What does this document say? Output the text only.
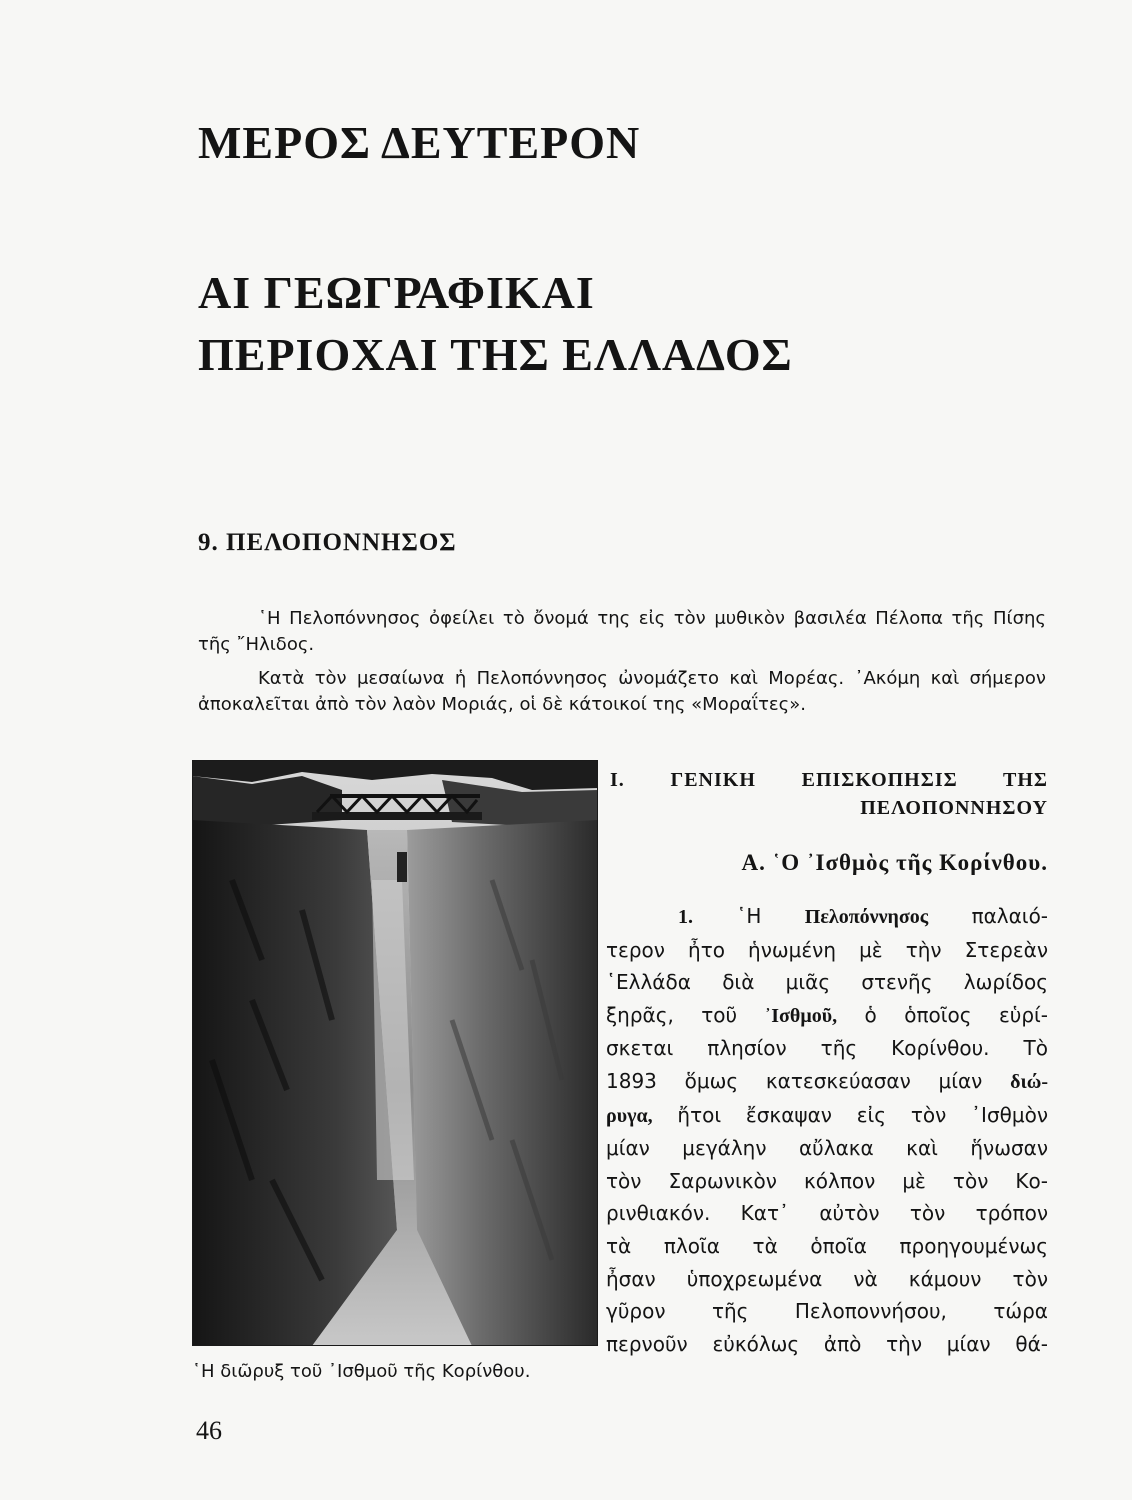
ΜΕΡΟΣ ΔΕΥΤΕΡΟΝ
ΑΙ ΓΕΩΓΡΑΦΙΚΑΙ
ΠΕΡΙΟΧΑΙ ΤΗΣ ΕΛΛΑΔΟΣ
9. ΠΕΛΟΠΟΝΝΗΣΟΣ

῾Η Πελοπόννησος ὀφείλει τὸ ὄνομά της εἰς τὸν μυθικὸν βασιλέα Πέλοπα τῆς Πίσης τῆς ῎Ηλιδος.

Κατὰ τὸν μεσαίωνα ἡ Πελοπόννησος ὠνομάζετο καὶ Μορέας. ᾿Ακόμη καὶ σήμερον ἀποκαλεῖται ἀπὸ τὸν λαὸν Μοριάς, οἱ δὲ κάτοικοί της «Μοραΐτες».

῾Η διῶρυξ τοῦ ᾿Ισθμοῦ τῆς Κορίνθου.

Ι. ΓΕΝΙΚΗ ΕΠΙΣΚΟΠΗΣΙΣ ΤΗΣ
ΠΕΛΟΠΟΝΝΗΣΟΥ
Α. ῾Ο ᾿Ισθμὸς τῆς Κορίνθου.
1. ῾Η Πελοπόννησος παλαιό-
τερον ἦτο ἡνωμένη μὲ τὴν Στερεὰν
῾Ελλάδα διὰ μιᾶς στενῆς λωρίδος
ξηρᾶς, τοῦ ᾿Ισθμοῦ, ὁ ὁποῖος εὑρί-
σκεται πλησίον τῆς Κορίνθου. Τὸ
1893 ὅμως κατεσκεύασαν μίαν διώ-
ρυγα, ἤτοι ἔσκαψαν εἰς τὸν ᾿Ισθμὸν
μίαν μεγάλην αὔλακα καὶ ἥνωσαν
τὸν Σαρωνικὸν κόλπον μὲ τὸν Κο-
ρινθιακόν. Κατ᾿ αὐτὸν τὸν τρόπον
τὰ πλοῖα τὰ ὁποῖα προηγουμένως
ἦσαν ὑποχρεωμένα νὰ κάμουν τὸν
γῦρον τῆς Πελοποννήσου, τώρα
περνοῦν εὐκόλως ἀπὸ τὴν μίαν θά-

46
